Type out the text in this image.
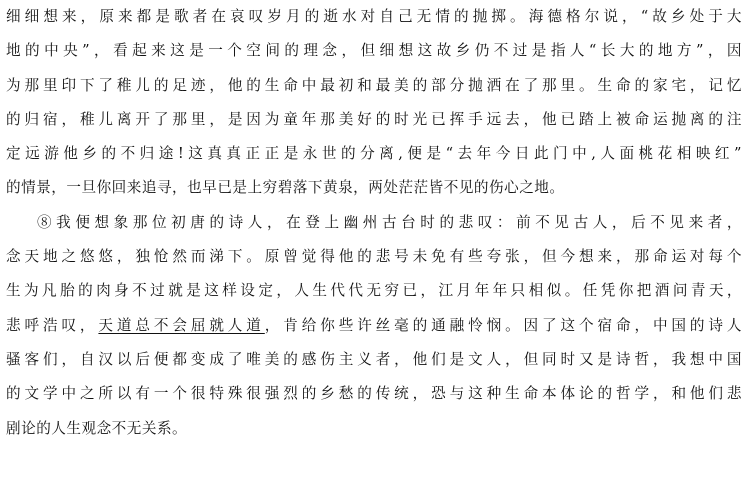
细细想来，原来都是歌者在哀叹岁月的逝水对自己无情的抛掷。海德格尔说，“故乡处于大
地的中央”，看起来这是一个空间的理念，但细想这故乡仍不过是指人“长大的地方”，因
为那里印下了稚儿的足迹，他的生命中最初和最美的部分抛洒在了那里。生命的家宅，记忆
的归宿，稚儿离开了那里，是因为童年那美好的时光已挥手远去，他已踏上被命运抛离的注
定远游他乡的不归途!这真真正正是永世的分离,便是“去年今日此门中,人面桃花相映红”
的情景，一旦你回来追寻，也早已是上穷碧落下黄泉，两处茫茫皆不见的伤心之地。
⑧我便想象那位初唐的诗人，在登上幽州古台时的悲叹：前不见古人，后不见来者，
念天地之悠悠，独怆然而涕下。原曾觉得他的悲号未免有些夸张，但今想来，那命运对每个
生为凡胎的肉身不过就是这样设定，人生代代无穷已，江月年年只相似。任凭你把酒问青天，
悲呼浩叹，天道总不会屈就人道，肯给你些许丝毫的通融怜悯。因了这个宿命，中国的诗人
骚客们，自汉以后便都变成了唯美的感伤主义者，他们是文人，但同时又是诗哲，我想中国
的文学中之所以有一个很特殊很强烈的乡愁的传统，恐与这种生命本体论的哲学，和他们悲
剧论的人生观念不无关系。
